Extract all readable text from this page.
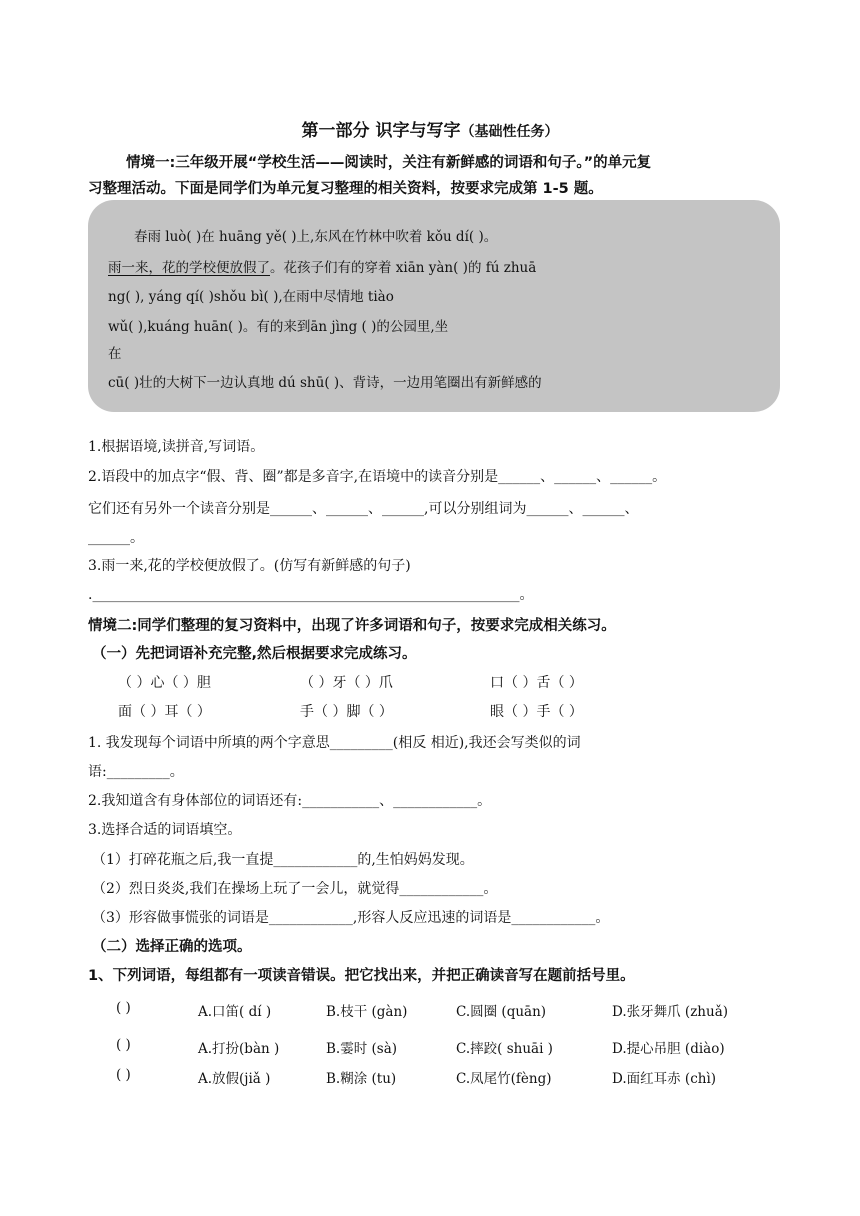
第一部分 识字与写字（基础性任务）
情境一:三年级开展“学校生活——阅读时，关注有新鲜感的词语和句子。”的单元复
习整理活动。下面是同学们为单元复习整理的相关资料，按要求完成第 1-5 题。
春雨 luò( )在 huāng yě( )上,东风在竹林中吹着 kǒu dí( )。
雨一来，花的学校便放假了。花孩子们有的穿着 xiān yàn( )的 fú zhuā
ng( ), yáng qí( )shǒu bì( ),在雨中尽情地 tiào
wǔ( ),kuáng huān( )。有的来到ān jìng ( )的公园里,坐
在
cū( )壮的大树下一边认真地 dú shū( )、背诗，一边用笔圈出有新鲜感的
1.根据语境,读拼音,写词语。
2.语段中的加点字“假、背、圈”都是多音字,在语境中的读音分别是______、______、______。
它们还有另外一个读音分别是______、______、______,可以分别组词为______、______、
______。
3.雨一来,花的学校便放假了。(仿写有新鲜感的句子)
._____________________________________________________________。
情境二:同学们整理的复习资料中，出现了许多词语和句子，按要求完成相关练习。
（一）先把词语补充完整,然后根据要求完成练习。
（ ）心（ ）胆	（ ）牙（ ）爪	口（ ）舌（ ）
面（ ）耳（ ）	手（ ）脚（ ）	眼（ ）手（ ）
1. 我发现每个词语中所填的两个字意思_________(相反 相近),我还会写类似的词
语:_________。
2.我知道含有身体部位的词语还有:___________、____________。
3.选择合适的词语填空。
（1）打碎花瓶之后,我一直提____________的,生怕妈妈发现。
（2）烈日炎炎,我们在操场上玩了一会儿，就觉得____________。
（3）形容做事慌张的词语是____________,形容人反应迅速的词语是____________。
（二）选择正确的选项。
1、下列词语，每组都有一项读音错误。把它找出来，并把正确读音写在题前括号里。
( )	A.口笛( dí )	B.枝干 (gàn)	C.圆圈 (quān)	D.张牙舞爪 (zhuǎ)
( )	A.打扮(bàn )	B.霎时 (sà)	C.摔跤( shuāi )	D.提心吊胆 (diào)
( )	A.放假(jiǎ )	B.糊涂 (tu)	C.凤尾竹(fèng)	D.面红耳赤 (chì)
